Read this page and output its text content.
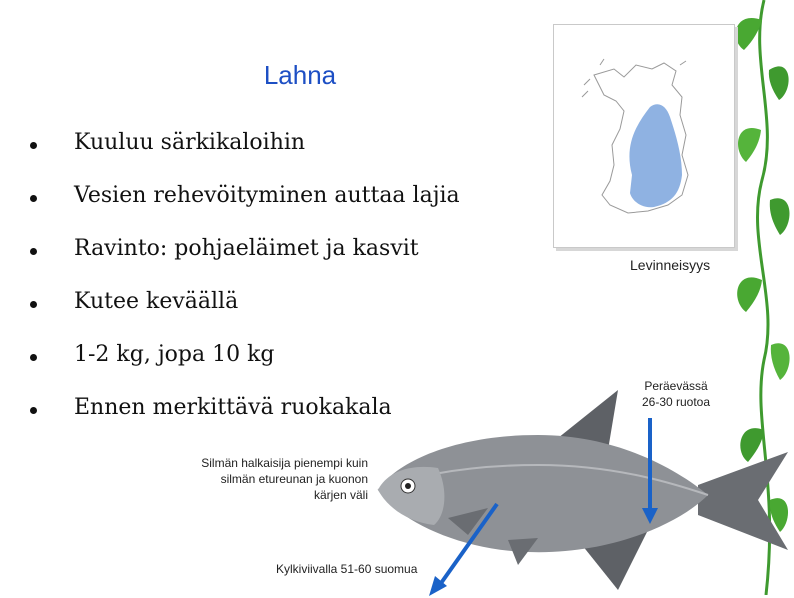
Lahna
Kuuluu särkikaloihin
Vesien rehevöityminen auttaa lajia
Ravinto: pohjaeläimet ja kasvit
Kutee keväällä
1-2 kg, jopa 10 kg
Ennen merkittävä ruokakala
Levinneisyys
Silmän halkaisija pienempi kuin silmän etureunan ja kuonon kärjen väli
Kylkiviivalla 51-60 suomua
Peräevässä 26-30 ruotoa
